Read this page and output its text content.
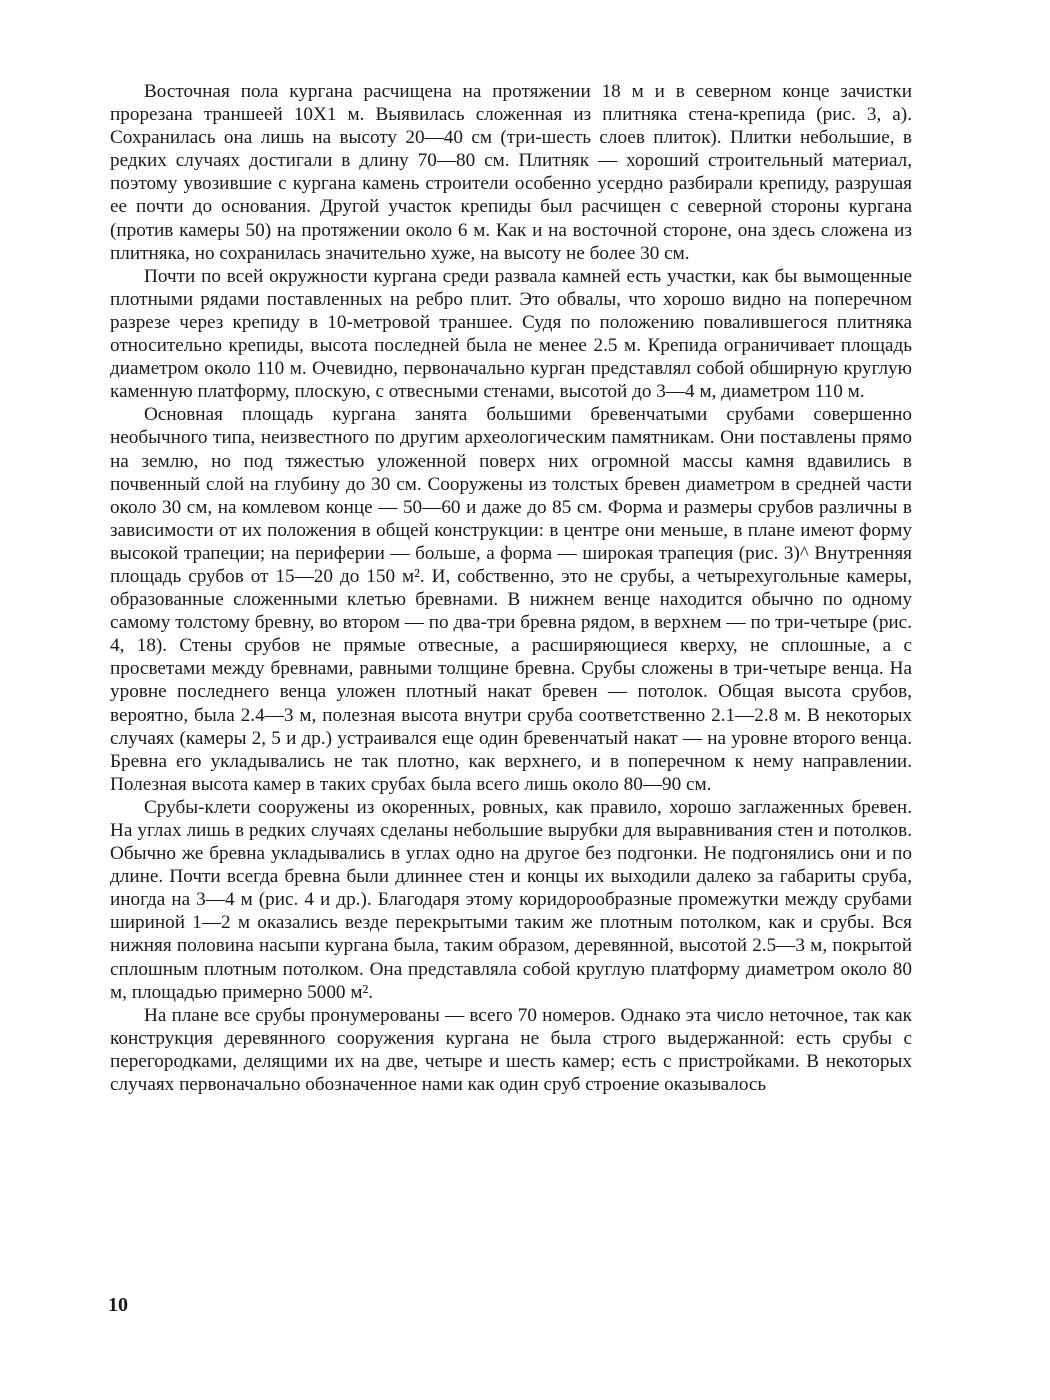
Восточная пола кургана расчищена на протяжении 18 м и в северном конце зачистки прорезана траншеей 10Х1 м. Выявилась сложенная из плитняка стена-крепида (рис. 3, а). Сохранилась она лишь на высоту 20—40 см (три-шесть слоев плиток). Плитки небольшие, в редких случаях достигали в длину 70—80 см. Плитняк — хороший строительный материал, поэтому увозившие с кургана камень строители особенно усердно разбирали крепиду, разрушая ее почти до основания. Другой участок крепиды был расчищен с северной стороны кургана (против камеры 50) на протяжении около 6 м. Как и на восточной стороне, она здесь сложена из плитняка, но сохранилась значительно хуже, на высоту не более 30 см.

Почти по всей окружности кургана среди развала камней есть участки, как бы вымощенные плотными рядами поставленных на ребро плит. Это обвалы, что хорошо видно на поперечном разрезе через крепиду в 10-метровой траншее. Судя по положению повалившегося плитняка относительно крепиды, высота последней была не менее 2.5 м. Крепида ограничивает площадь диаметром около 110 м. Очевидно, первоначально курган представлял собой обширную круглую каменную платформу, плоскую, с отвесными стенами, высотой до 3—4 м, диаметром 110 м.

Основная площадь кургана занята большими бревенчатыми срубами совершенно необычного типа, неизвестного по другим археологическим памятникам. Они поставлены прямо на землю, но под тяжестью уложенной поверх них огромной массы камня вдавились в почвенный слой на глубину до 30 см. Сооружены из толстых бревен диаметром в средней части около 30 см, на комлевом конце — 50—60 и даже до 85 см. Форма и размеры срубов различны в зависимости от их положения в общей конструкции: в центре они меньше, в плане имеют форму высокой трапеции; на периферии — больше, а форма — широкая трапеция (рис. 3)^ Внутренняя площадь срубов от 15—20 до 150 м². И, собственно, это не срубы, а четырехугольные камеры, образованные сложенными клетью бревнами. В нижнем венце находится обычно по одному самому толстому бревну, во втором — по два-три бревна рядом, в верхнем — по три-четыре (рис. 4, 18). Стены срубов не прямые отвесные, а расширяющиеся кверху, не сплошные, а с просветами между бревнами, равными толщине бревна. Срубы сложены в три-четыре венца. На уровне последнего венца уложен плотный накат бревен — потолок. Общая высота срубов, вероятно, была 2.4—3 м, полезная высота внутри сруба соответственно 2.1—2.8 м. В некоторых случаях (камеры 2, 5 и др.) устраивался еще один бревенчатый накат — на уровне второго венца. Бревна его укладывались не так плотно, как верхнего, и в поперечном к нему направлении. Полезная высота камер в таких срубах была всего лишь около 80—90 см.

Срубы-клети сооружены из окоренных, ровных, как правило, хорошо заглаженных бревен. На углах лишь в редких случаях сделаны небольшие вырубки для выравнивания стен и потолков. Обычно же бревна укладывались в углах одно на другое без подгонки. Не подгонялись они и по длине. Почти всегда бревна были длиннее стен и концы их выходили далеко за габариты сруба, иногда на 3—4 м (рис. 4 и др.). Благодаря этому коридорообразные промежутки между срубами шириной 1—2 м оказались везде перекрытыми таким же плотным потолком, как и срубы. Вся нижняя половина насыпи кургана была, таким образом, деревянной, высотой 2.5—3 м, покрытой сплошным плотным потолком. Она представляла собой круглую платформу диаметром около 80 м, площадью примерно 5000 м².

На плане все срубы пронумерованы — всего 70 номеров. Однако эта число неточное, так как конструкция деревянного сооружения кургана не была строго выдержанной: есть срубы с перегородками, делящими их на две, четыре и шесть камер; есть с пристройками. В некоторых случаях первоначально обозначенное нами как один сруб строение оказывалось

10
